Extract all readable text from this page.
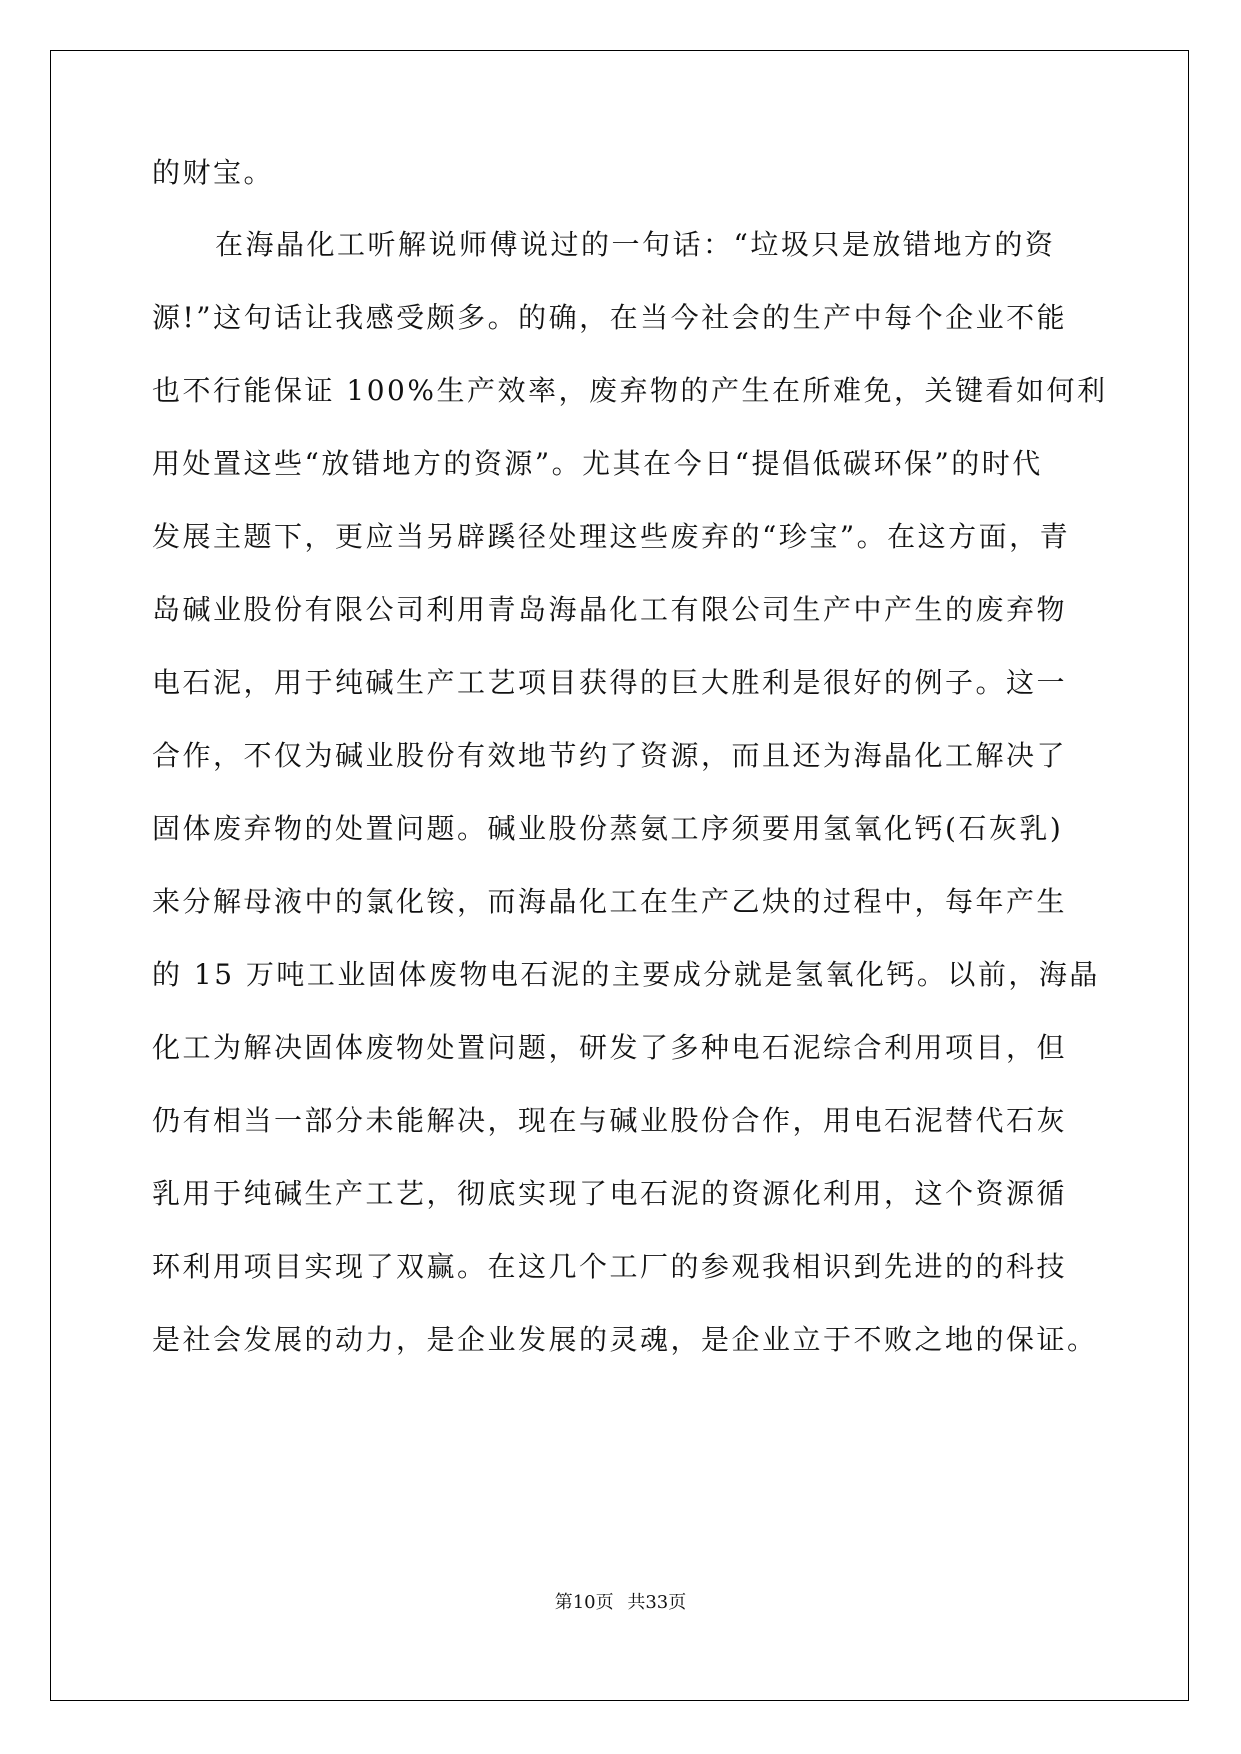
的财宝。
在海晶化工听解说师傅说过的一句话：“垃圾只是放错地方的资
源!”这句话让我感受颇多。的确，在当今社会的生产中每个企业不能
也不行能保证 100%生产效率，废弃物的产生在所难免，关键看如何利
用处置这些“放错地方的资源”。尤其在今日“提倡低碳环保”的时代
发展主题下，更应当另辟蹊径处理这些废弃的“珍宝”。在这方面，青
岛碱业股份有限公司利用青岛海晶化工有限公司生产中产生的废弃物
电石泥，用于纯碱生产工艺项目获得的巨大胜利是很好的例子。这一
合作，不仅为碱业股份有效地节约了资源，而且还为海晶化工解决了
固体废弃物的处置问题。碱业股份蒸氨工序须要用氢氧化钙(石灰乳)
来分解母液中的氯化铵，而海晶化工在生产乙炔的过程中，每年产生
的 15 万吨工业固体废物电石泥的主要成分就是氢氧化钙。以前，海晶
化工为解决固体废物处置问题，研发了多种电石泥综合利用项目，但
仍有相当一部分未能解决，现在与碱业股份合作，用电石泥替代石灰
乳用于纯碱生产工艺，彻底实现了电石泥的资源化利用，这个资源循
环利用项目实现了双赢。在这几个工厂的参观我相识到先进的的科技
是社会发展的动力，是企业发展的灵魂，是企业立于不败之地的保证。
第10页 共33页
